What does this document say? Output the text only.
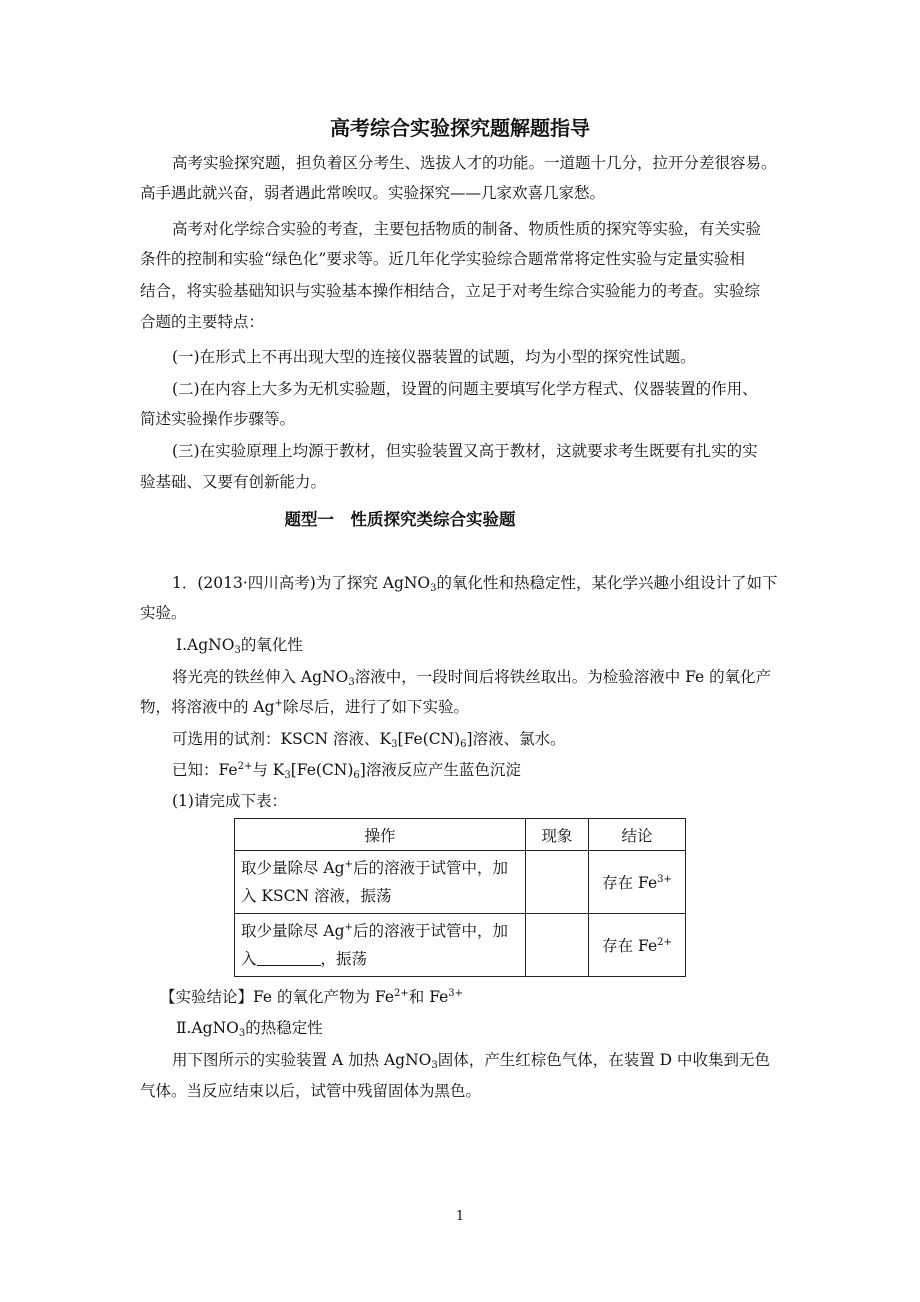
高考综合实验探究题解题指导
高考实验探究题，担负着区分考生、选拔人才的功能。一道题十几分，拉开分差很容易。
高手遇此就兴奋，弱者遇此常唉叹。实验探究——几家欢喜几家愁。
高考对化学综合实验的考查，主要包括物质的制备、物质性质的探究等实验，有关实验
条件的控制和实验“绿色化”要求等。近几年化学实验综合题常常将定性实验与定量实验相
结合，将实验基础知识与实验基本操作相结合，立足于对考生综合实验能力的考查。实验综
合题的主要特点：
(一)在形式上不再出现大型的连接仪器装置的试题，均为小型的探究性试题。
(二)在内容上大多为无机实验题，设置的问题主要填写化学方程式、仪器装置的作用、
简述实验操作步骤等。
(三)在实验原理上均源于教材，但实验装置又高于教材，这就要求考生既要有扎实的实
验基础、又要有创新能力。
题型一　性质探究类综合实验题
1．(2013·四川高考)为了探究 AgNO$_3$的氧化性和热稳定性，某化学兴趣小组设计了如下
实验。
Ⅰ.AgNO$_3$的氧化性
将光亮的铁丝伸入 AgNO$_3$溶液中，一段时间后将铁丝取出。为检验溶液中 Fe 的氧化产
物，将溶液中的 Ag+除尽后，进行了如下实验。
可选用的试剂：KSCN 溶液、$K_3[Fe(CN)_6]$溶液、氯水。
已知：$Fe^{2+}$与 $K_3[Fe(CN)_6]$溶液反应产生蓝色沉淀
(1)请完成下表：
操作	现象	结论
取少量除尽 Ag+后的溶液于试管中，加
入 KSCN 溶液，振荡		存在 $Fe^{3+}$
取少量除尽 Ag+后的溶液于试管中，加
入 ，振荡		存在 $Fe^{2+}$
【实验结论】Fe 的氧化产物为 $Fe^{2+}$和 $Fe^{3+}$
Ⅱ.AgNO$_3$的热稳定性
用下图所示的实验装置 A 加热 AgNO$_3$固体，产生红棕色气体，在装置 D 中收集到无色
气体。当反应结束以后，试管中残留固体为黑色。
1
